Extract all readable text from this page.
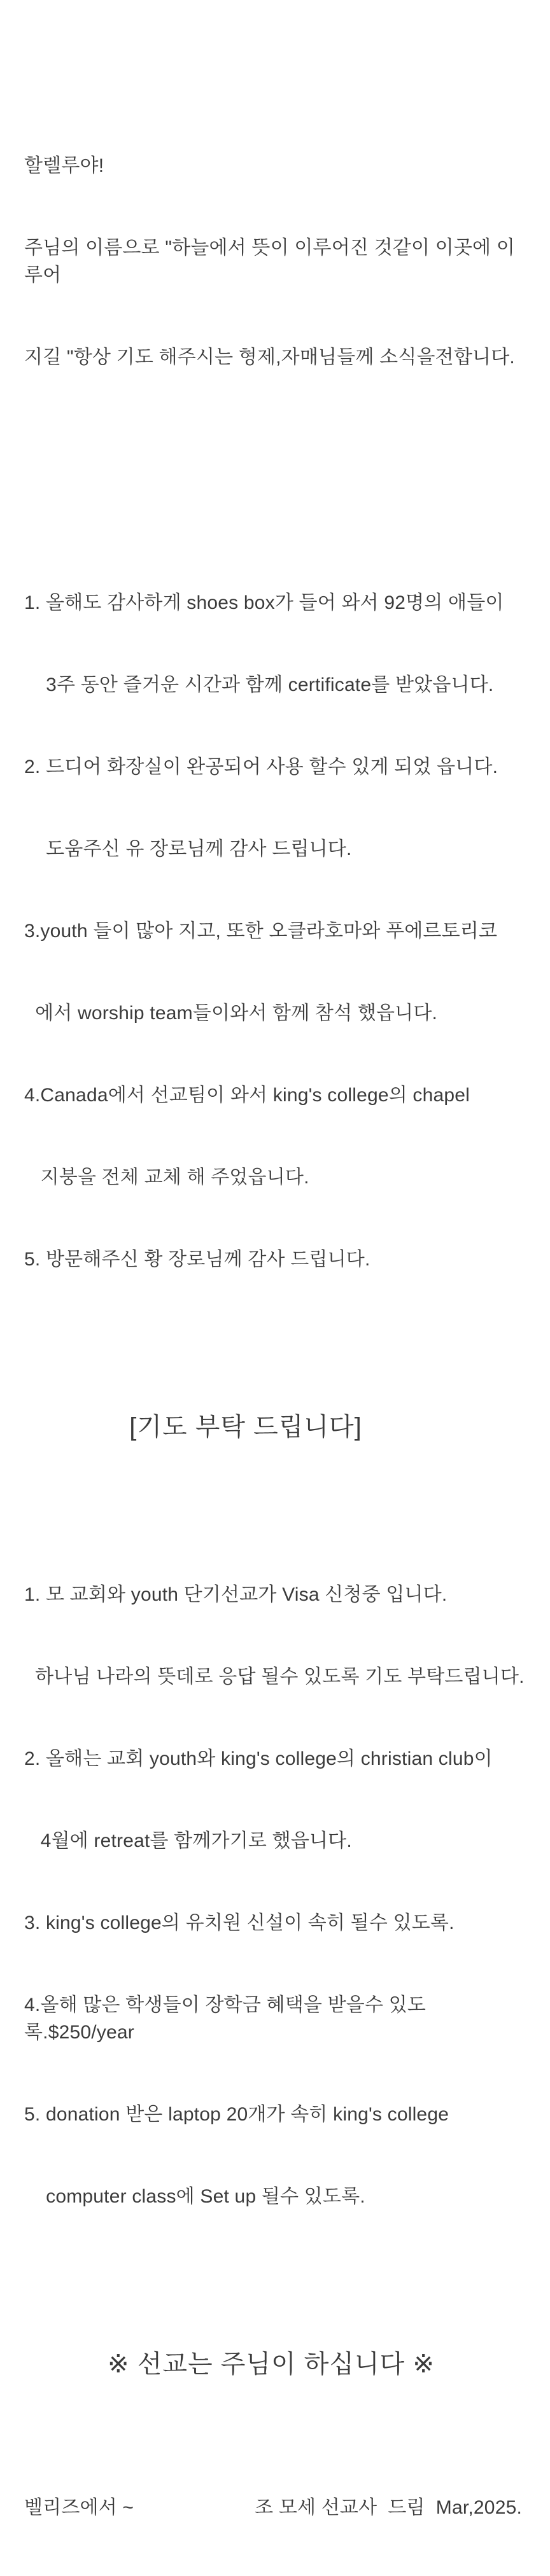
할렐루야!

주님의 이름으로 "하늘에서 뜻이 이루어진 것같이 이곳에 이루어

지길 "항상 기도 해주시는 형제,자매님들께 소식을전합니다.

1. 올해도 감사하게 shoes box가 들어 와서 92명의 애들이

3주 동안 즐거운 시간과 함께 certificate를 받았읍니다.

2. 드디어 화장실이 완공되어 사용 할수 있게 되었 읍니다.

도움주신 유 장로님께 감사 드립니다.

3.youth 들이 많아 지고, 또한 오클라호마와 푸에르토리코

에서 worship team들이와서 함께 참석 했읍니다.

4.Canada에서 선교팀이 와서 king's college의 chapel

지붕을 전체 교체 해 주었읍니다.

5. 방문해주신 황 장로님께 감사 드립니다.

[기도 부탁 드립니다]

1. 모 교회와 youth 단기선교가 Visa 신청중 입니다.

하나님 나라의 뜻데로 응답 될수 있도록 기도 부탁드립니다.

2. 올해는 교회 youth와 king's college의 christian club이

4월에 retreat를 함께가기로 했읍니다.

3. king's college의 유치원 신설이 속히 될수 있도록.

4.올해 많은 학생들이 장학금 혜택을 받을수 있도록.$250/year

5. donation 받은 laptop 20개가 속히 king's college

computer class에 Set up 될수 있도록.

※ 선교는 주님이 하십니다 ※

벨리즈에서 ~	조 모세 선교사  드림  Mar,2025.
